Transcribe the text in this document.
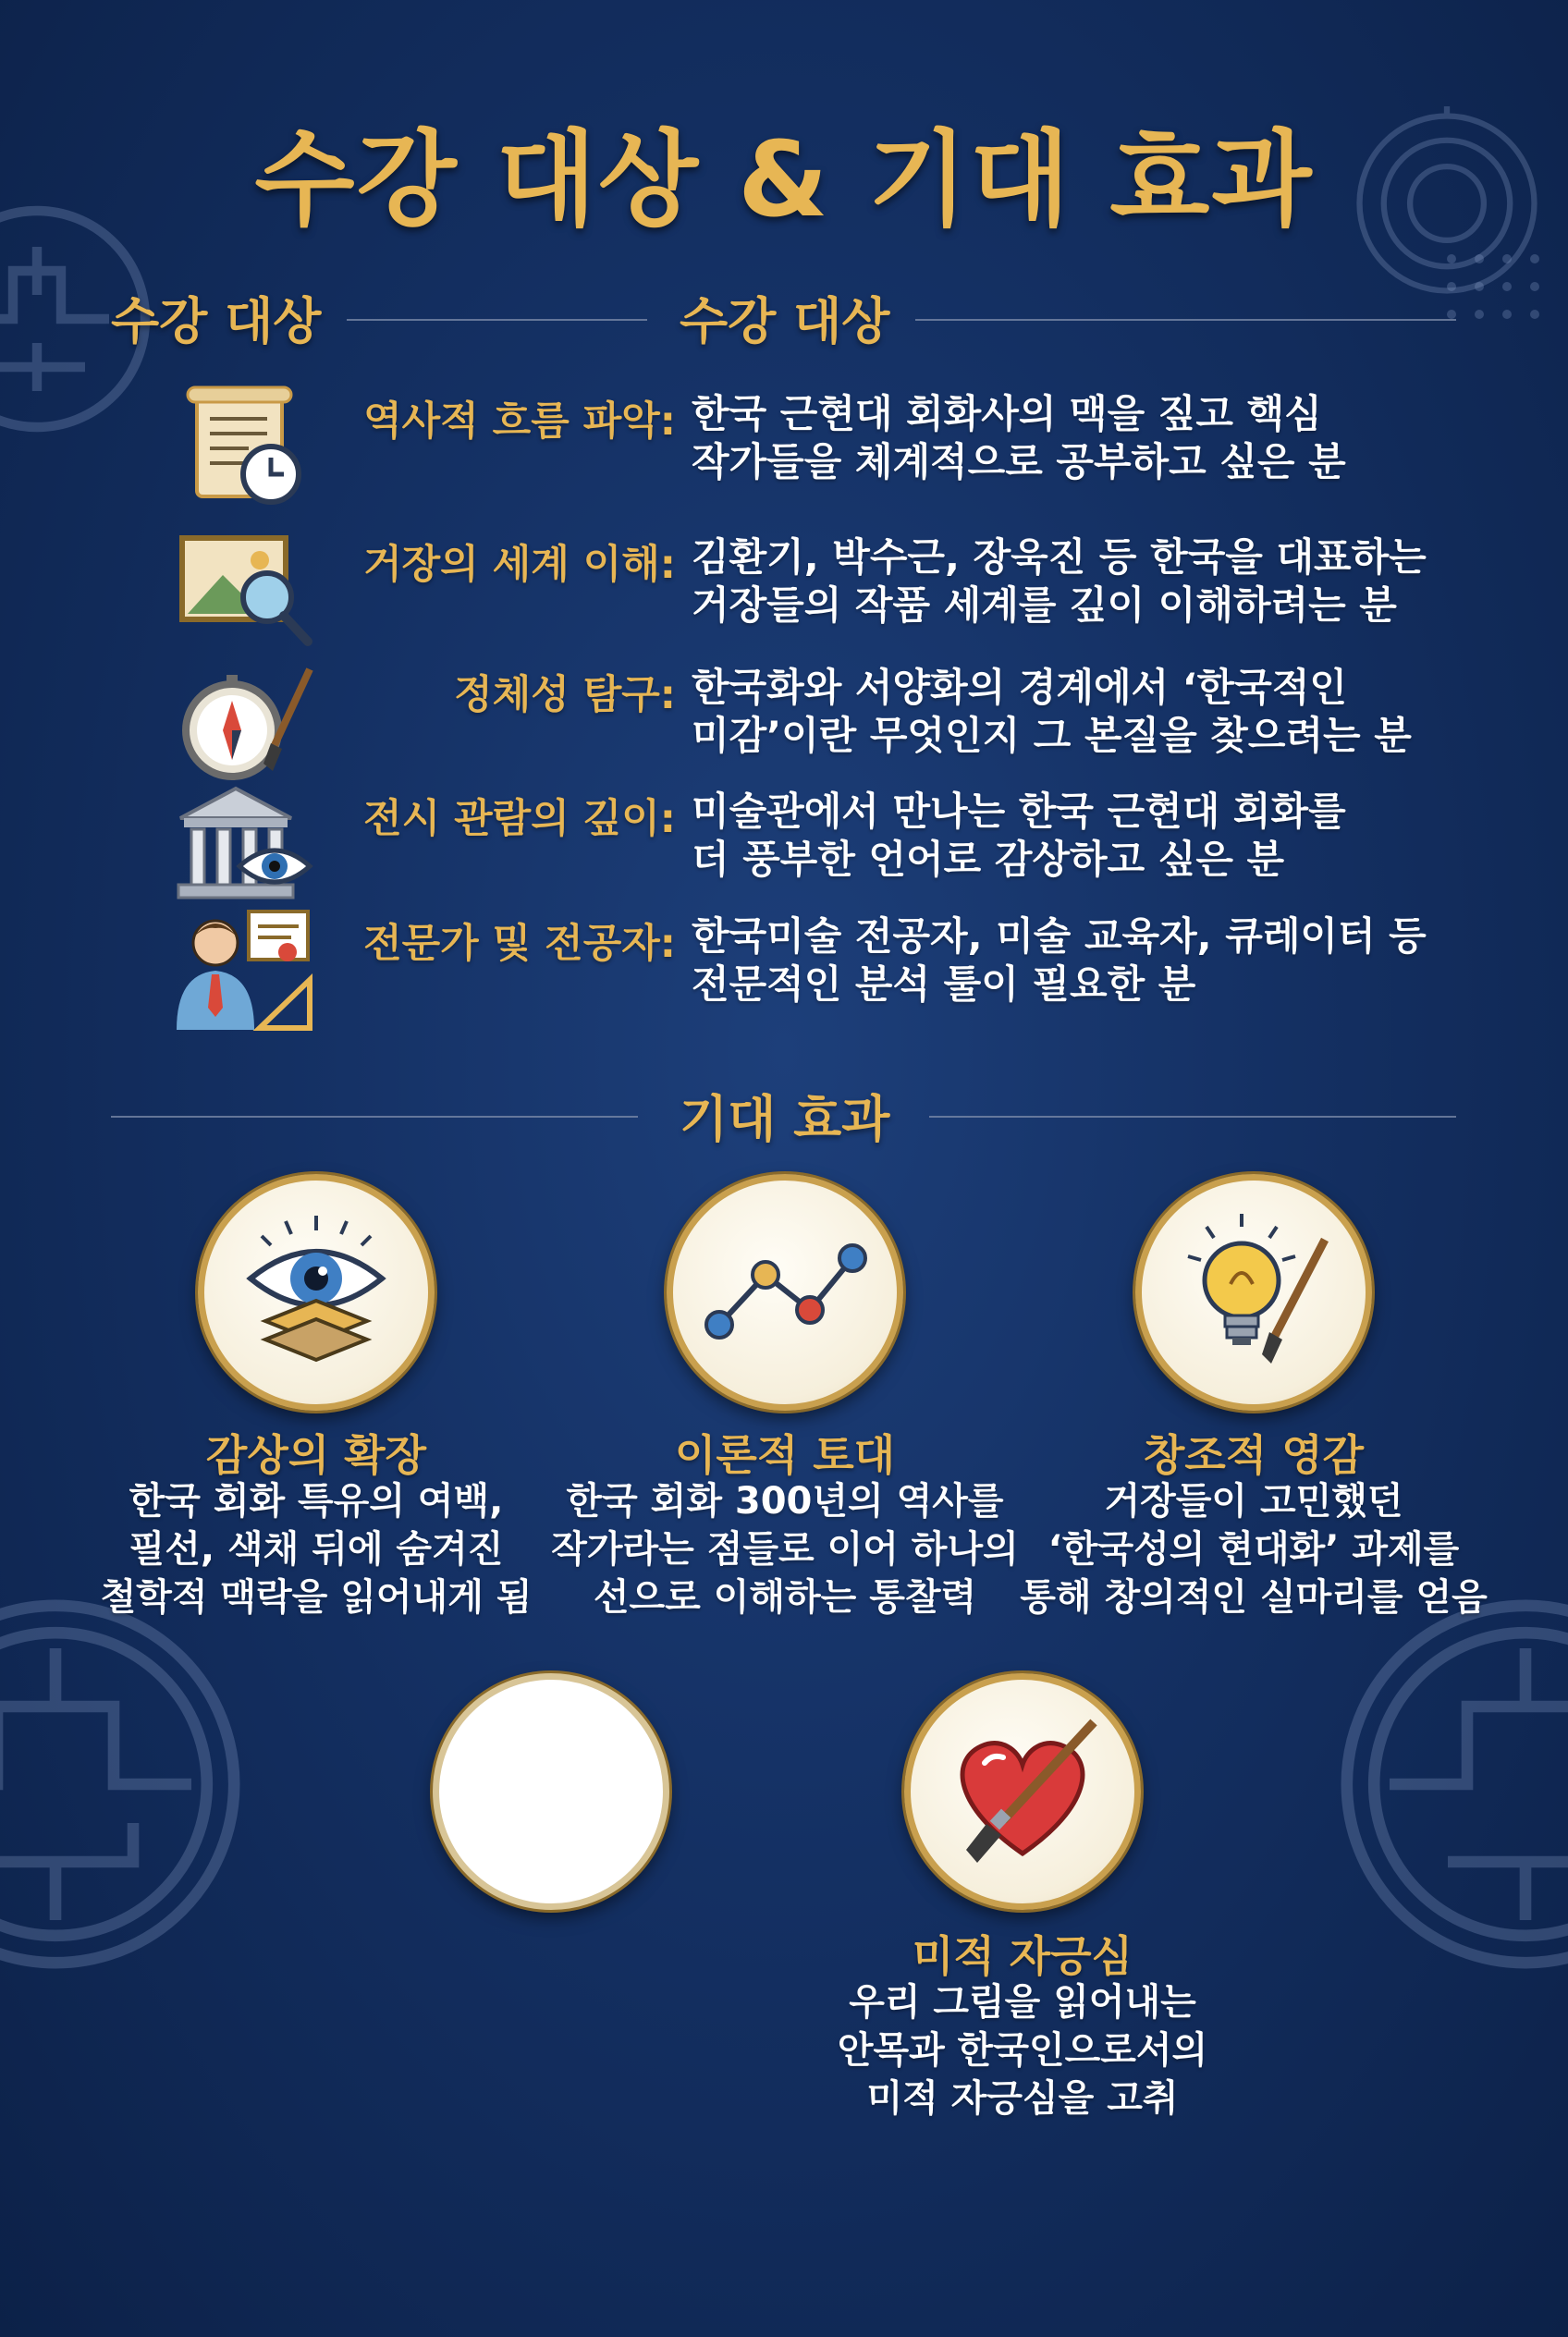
수강 대상 & 기대 효과
수강 대상	수강 대상
역사적 흐름 파악: 한국 근현대 회화사의 맥을 짚고 핵심
작가들을 체계적으로 공부하고 싶은 분
거장의 세계 이해: 김환기, 박수근, 장욱진 등 한국을 대표하는
거장들의 작품 세계를 깊이 이해하려는 분
정체성 탐구: 한국화와 서양화의 경계에서 ‘한국적인
미감’이란 무엇인지 그 본질을 찾으려는 분
전시 관람의 깊이: 미술관에서 만나는 한국 근현대 회화를
더 풍부한 언어로 감상하고 싶은 분
전문가 및 전공자: 한국미술 전공자, 미술 교육자, 큐레이터 등
전문적인 분석 툴이 필요한 분
기대 효과
감상의 확장
한국 회화 특유의 여백,
필선, 색채 뒤에 숨겨진
철학적 맥락을 읽어내게 됨
이론적 토대
한국 회화 300년의 역사를
작가라는 점들로 이어 하나의
선으로 이해하는 통찰력
창조적 영감
거장들이 고민했던
‘한국성의 현대화’ 과제를
통해 창의적인 실마리를 얻음
미적 자긍심
우리 그림을 읽어내는
안목과 한국인으로서의
미적 자긍심을 고취
